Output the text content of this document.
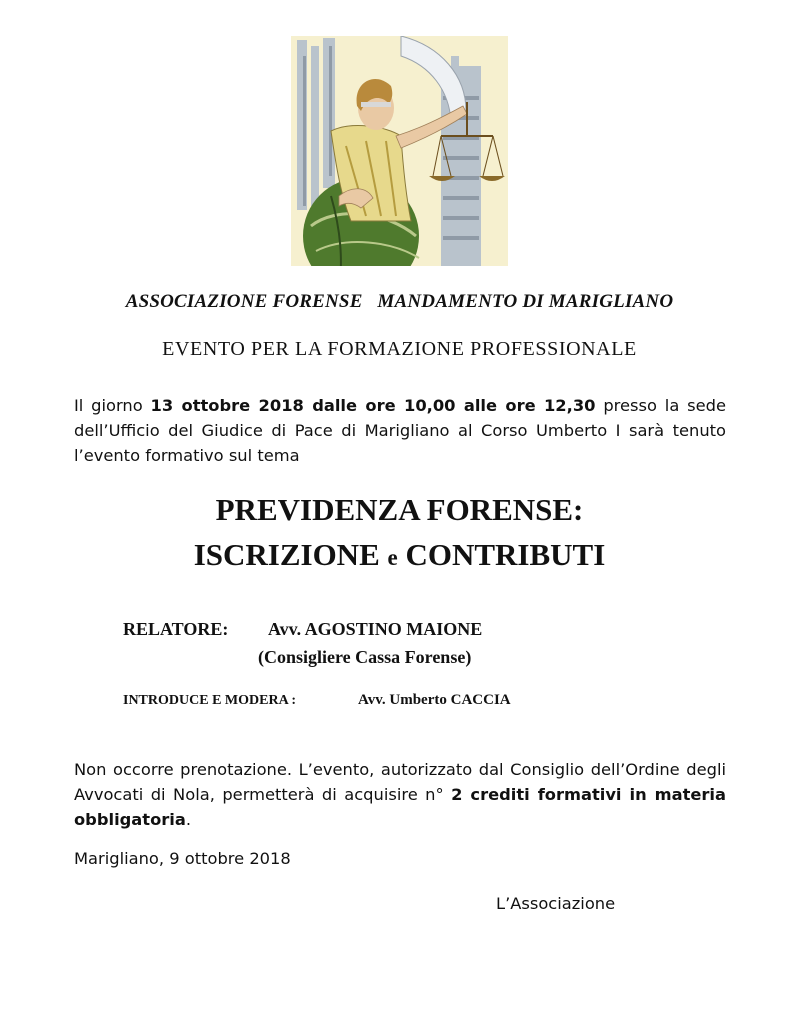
ASSOCIAZIONE FORENSE   MANDAMENTO DI MARIGLIANO
EVENTO PER LA FORMAZIONE PROFESSIONALE
Il giorno 13 ottobre 2018 dalle ore 10,00 alle ore 12,30 presso la sede dell’Ufficio del Giudice di Pace di Marigliano al Corso Umberto I sarà tenuto l’evento formativo sul tema
PREVIDENZA FORENSE:
ISCRIZIONE e CONTRIBUTI
RELATORE: Avv. AGOSTINO MAIONE
(Consigliere Cassa Forense)
INTRODUCE E MODERA :	Avv. Umberto CACCIA
Non occorre prenotazione. L’evento, autorizzato dal Consiglio dell’Ordine degli Avvocati di Nola, permetterà di acquisire n° 2 crediti formativi in materia obbligatoria.
Marigliano, 9 ottobre 2018
L’Associazione
